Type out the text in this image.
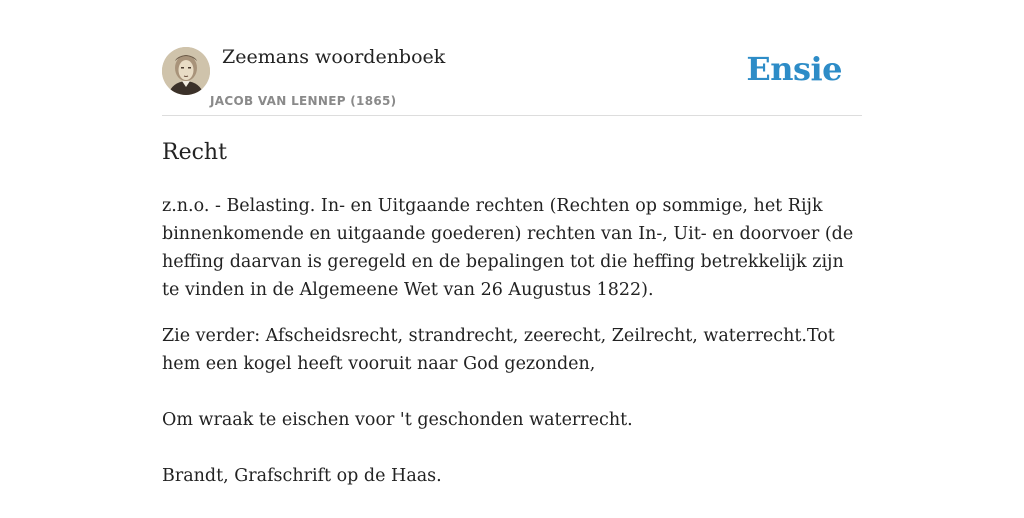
Zeemans woordenboek
JACOB VAN LENNEP (1865)
Ensie
Recht

z.n.o. - Belasting. In- en Uitgaande rechten (Rechten op sommige, het Rijk binnenkomende en uitgaande goederen) rechten van In-, Uit- en doorvoer (de heffing daarvan is geregeld en de bepalingen tot die heffing betrekkelijk zijn te vinden in de Algemeene Wet van 26 Augustus 1822).

Zie verder: Afscheidsrecht, strandrecht, zeerecht, Zeilrecht, waterrecht.Tot hem een kogel heeft vooruit naar God gezonden,

Om wraak te eischen voor 't geschonden waterrecht.

Brandt, Grafschrift op de Haas.
